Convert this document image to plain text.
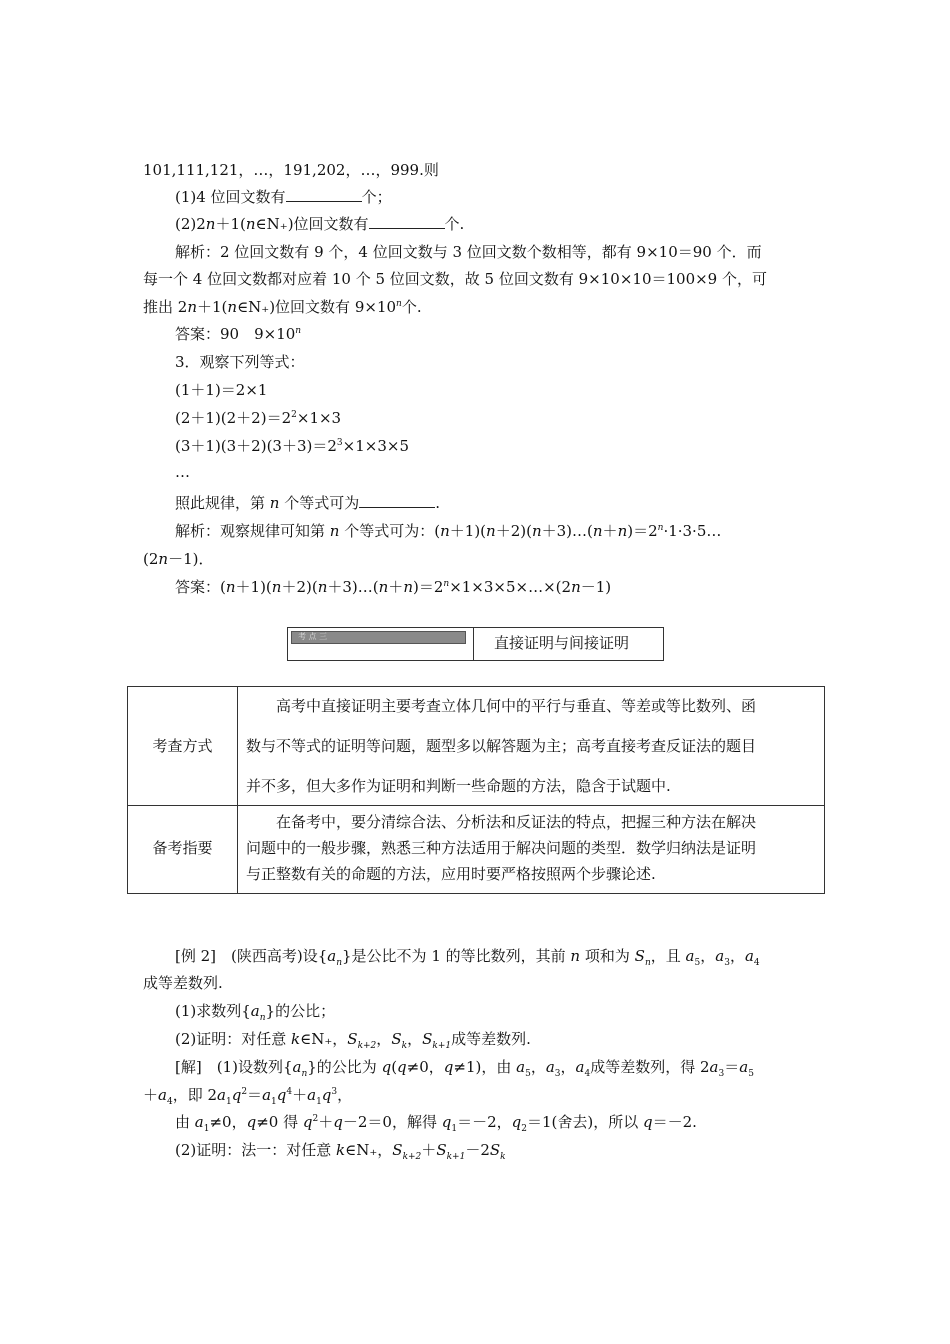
101,111,121，…，191,202，…，999.则
(1)4 位回文数有	个；
(2)2n＋1(n∈N₊)位回文数有	个.
解析：2 位回文数有 9 个，4 位回文数与 3 位回文数个数相等，都有 9×10＝90 个．而
每一个 4 位回文数都对应着 10 个 5 位回文数，故 5 位回文数有 9×10×10＝100×9 个，可
推出 2n＋1(n∈N₊)位回文数有 $9\times 10^n$个.
答案：90　$9\times 10^n$
3．观察下列等式：
(1＋1)＝2×1
$(2+1)(2+2)=2^2\times 1\times 3$
$(3+1)(3+2)(3+3)=2^3\times 1\times 3\times 5$
…
照此规律，第 n 个等式可为	.
解析：观察规律可知第 n 个等式可为：$(n+1)(n+2)(n+3)\dots(n+n)=2^n\cdot 1\cdot 3\cdot 5\dots$
(2n－1)．
答案：$(n+1)(n+2)(n+3)\dots(n+n)=2^n\times 1\times 3\times 5\times\dots\times(2n-1)$
考 点 三	直接证明与间接证明
考查方式
　　高考中直接证明主要考查立体几何中的平行与垂直、等差或等比数列、函
数与不等式的证明等问题，题型多以解答题为主；高考直接考查反证法的题目
并不多，但大多作为证明和判断一些命题的方法，隐含于试题中.
备考指要
　　在备考中，要分清综合法、分析法和反证法的特点，把握三种方法在解决
问题中的一般步骤，熟悉三种方法适用于解决问题的类型．数学归纳法是证明
与正整数有关的命题的方法，应用时要严格按照两个步骤论述.
[例 2]　(陕西高考)设$\{a_n\}$是公比不为 1 的等比数列，其前 n 项和为 $S_n$，且 $a_5$，$a_3$，$a_4$
成等差数列.
(1)求数列$\{a_n\}$的公比；
(2)证明：对任意 k∈N₊，$S_{k+2}$，$S_k$，$S_{k+1}$成等差数列.
[解]　(1)设数列$\{a_n\}$的公比为 q(q≠0，q≠1)，由 $a_5$，$a_3$，$a_4$成等差数列，得 $2a_3=a_5$
$+a_4$，即 $2a_1q^2=a_1q^4+a_1q^3$，
由 $a_1\ne 0$，q≠0 得 $q^2+q-2=0$，解得 $q_1=-2$，$q_2=1$(舍去)，所以 q＝－2.
(2)证明：法一：对任意 k∈N₊，$S_{k+2}+S_{k+1}-2S_k$
